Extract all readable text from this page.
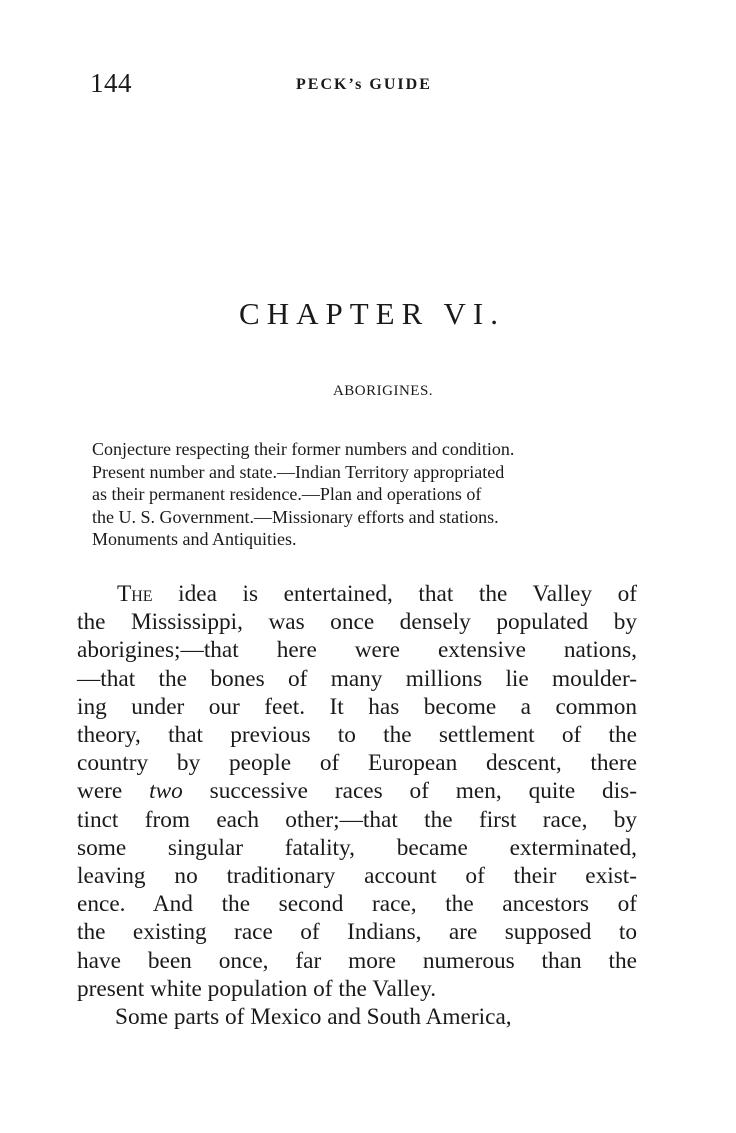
144	PECK’s GUIDE
CHAPTER VI.
ABORIGINES.
Conjecture respecting their former numbers and condition.
Present number and state.—Indian Territory appropriated
as their permanent residence.—Plan and operations of
the U. S. Government.—Missionary efforts and stations.
Monuments and Antiquities.
The idea is entertained, that the Valley of
the Mississippi, was once densely populated by
aborigines;—that here were extensive nations,
—that the bones of many millions lie moulder-
ing under our feet. It has become a common
theory, that previous to the settlement of the
country by people of European descent, there
were two successive races of men, quite dis-
tinct from each other;—that the first race, by
some singular fatality, became exterminated,
leaving no traditionary account of their exist-
ence. And the second race, the ancestors of
the existing race of Indians, are supposed to
have been once, far more numerous than the
present white population of the Valley.
Some parts of Mexico and South America,
